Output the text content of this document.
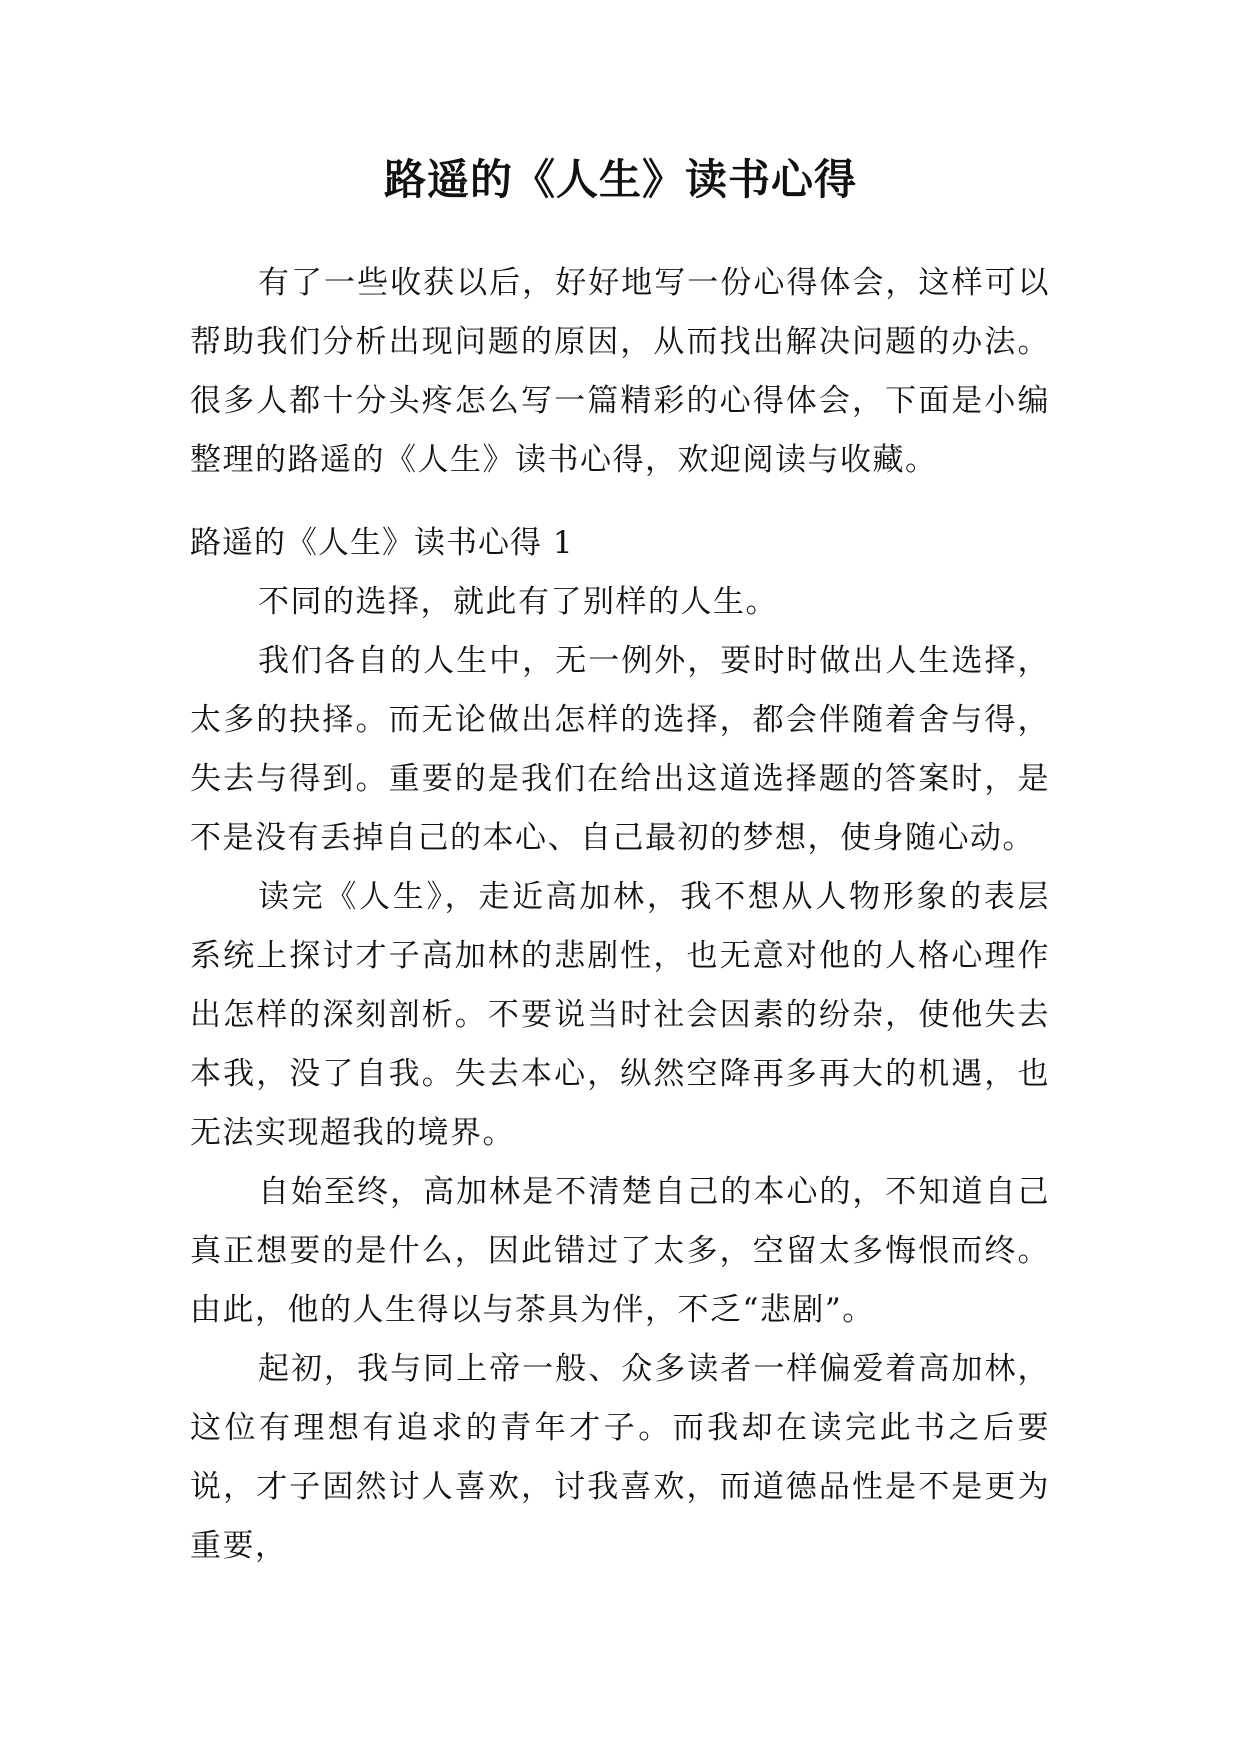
路遥的《人生》读书心得

有了一些收获以后，好好地写一份心得体会，这样可以帮助我们分析出现问题的原因，从而找出解决问题的办法。很多人都十分头疼怎么写一篇精彩的心得体会，下面是小编整理的路遥的《人生》读书心得，欢迎阅读与收藏。

路遥的《人生》读书心得 1

不同的选择，就此有了别样的人生。

我们各自的人生中，无一例外，要时时做出人生选择，太多的抉择。而无论做出怎样的选择，都会伴随着舍与得，失去与得到。重要的是我们在给出这道选择题的答案时，是不是没有丢掉自己的本心、自己最初的梦想，使身随心动。

读完《人生》，走近高加林，我不想从人物形象的表层系统上探讨才子高加林的悲剧性，也无意对他的人格心理作出怎样的深刻剖析。不要说当时社会因素的纷杂，使他失去本我，没了自我。失去本心，纵然空降再多再大的机遇，也无法实现超我的境界。

自始至终，高加林是不清楚自己的本心的，不知道自己真正想要的是什么，因此错过了太多，空留太多悔恨而终。由此，他的人生得以与茶具为伴，不乏“悲剧”。

起初，我与同上帝一般、众多读者一样偏爱着高加林，这位有理想有追求的青年才子。而我却在读完此书之后要说，才子固然讨人喜欢，讨我喜欢，而道德品性是不是更为重要，
